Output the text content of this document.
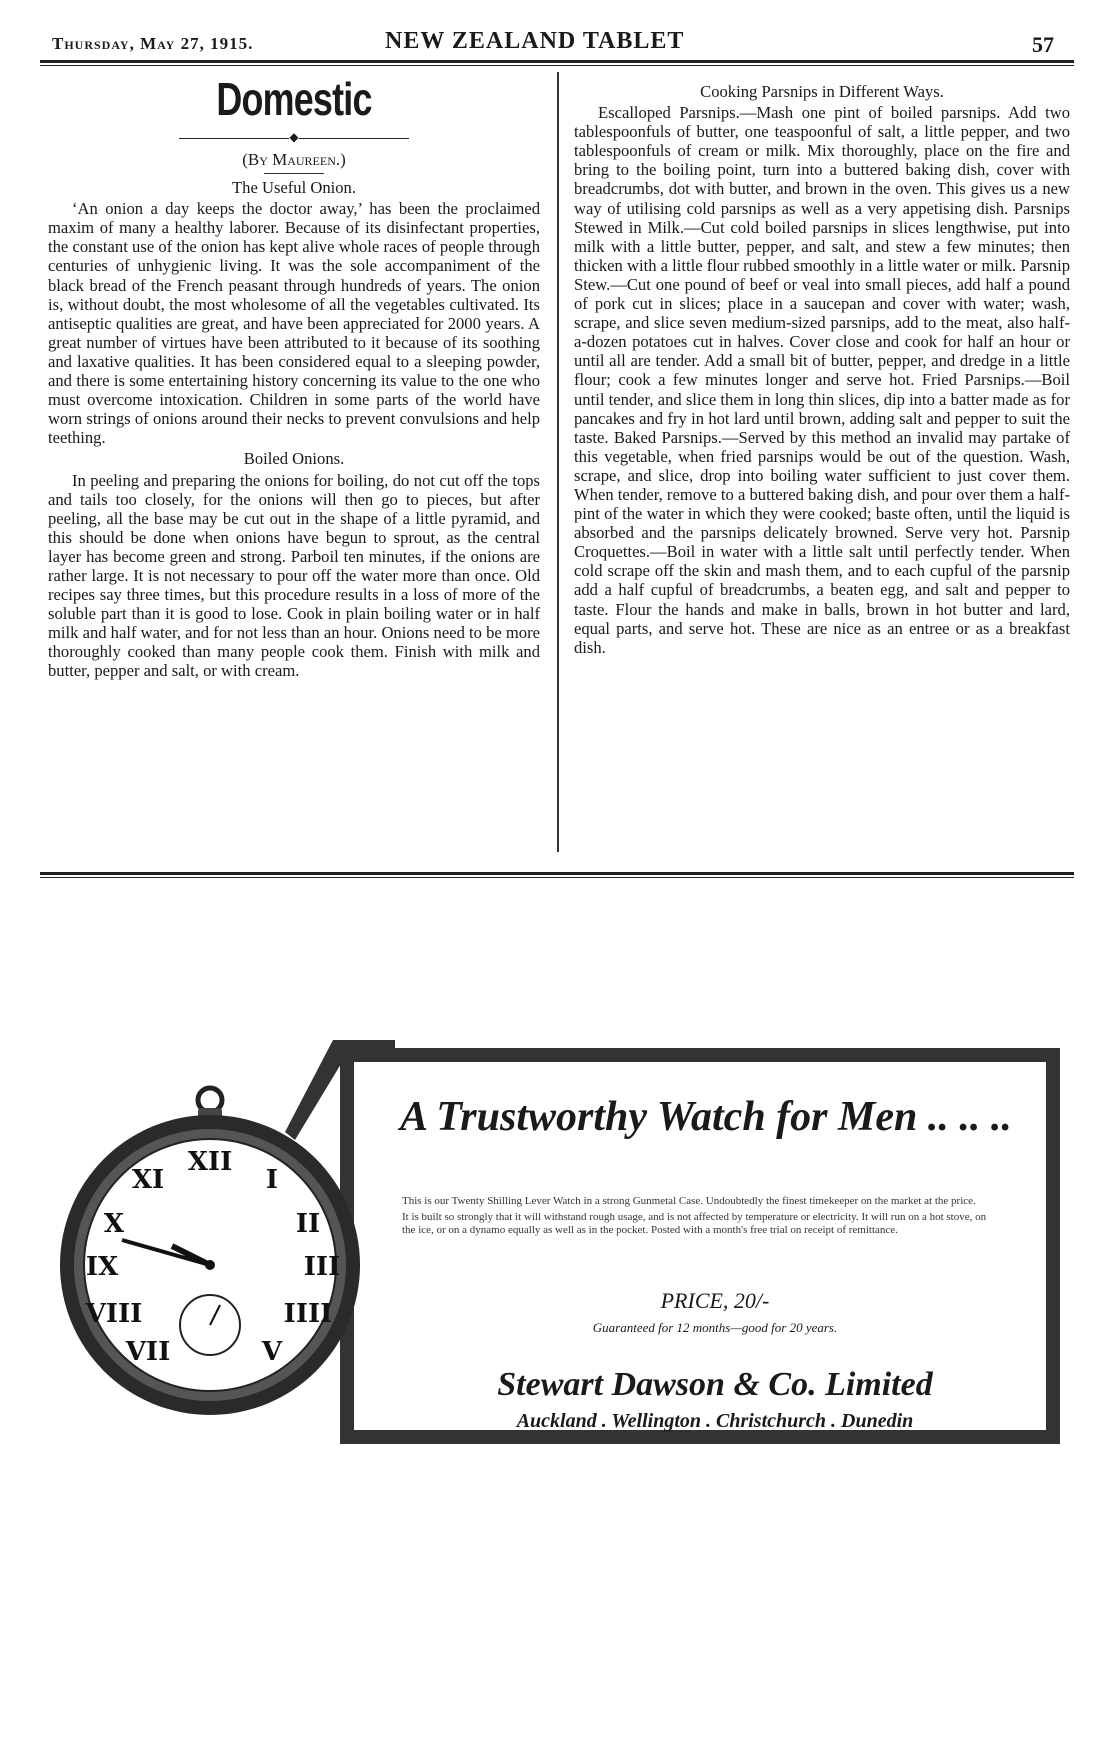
Thursday, May 27, 1915.	NEW ZEALAND TABLET	57
Domestic
◆
(By Maureen.)

The Useful Onion.

‘An onion a day keeps the doctor away,’ has been the proclaimed maxim of many a healthy laborer. Because of its disinfectant properties, the constant use of the onion has kept alive whole races of people through centuries of unhygienic living. It was the sole accompaniment of the black bread of the French peasant through hundreds of years. The onion is, without doubt, the most wholesome of all the vegetables cultivated. Its antiseptic qualities are great, and have been appreciated for 2000 years. A great number of virtues have been attributed to it because of its soothing and laxative qualities. It has been considered equal to a sleeping powder, and there is some entertaining history concerning its value to the one who must overcome intoxication. Children in some parts of the world have worn strings of onions around their necks to prevent convulsions and help teething.

Boiled Onions.

In peeling and preparing the onions for boiling, do not cut off the tops and tails too closely, for the onions will then go to pieces, but after peeling, all the base may be cut out in the shape of a little pyramid, and this should be done when onions have begun to sprout, as the central layer has become green and strong. Parboil ten minutes, if the onions are rather large. It is not necessary to pour off the water more than once. Old recipes say three times, but this procedure results in a loss of more of the soluble part than it is good to lose. Cook in plain boiling water or in half milk and half water, and for not less than an hour. Onions need to be more thoroughly cooked than many people cook them. Finish with milk and butter, pepper and salt, or with cream.

Cooking Parsnips in Different Ways.

Escalloped Parsnips.—Mash one pint of boiled parsnips. Add two tablespoonfuls of butter, one teaspoonful of salt, a little pepper, and two tablespoonfuls of cream or milk. Mix thoroughly, place on the fire and bring to the boiling point, turn into a buttered baking dish, cover with breadcrumbs, dot with butter, and brown in the oven. This gives us a new way of utilising cold parsnips as well as a very appetising dish. Parsnips Stewed in Milk.—Cut cold boiled parsnips in slices lengthwise, put into milk with a little butter, pepper, and salt, and stew a few minutes; then thicken with a little flour rubbed smoothly in a little water or milk. Parsnip Stew.—Cut one pound of beef or veal into small pieces, add half a pound of pork cut in slices; place in a saucepan and cover with water; wash, scrape, and slice seven medium-sized parsnips, add to the meat, also half-a-dozen potatoes cut in halves. Cover close and cook for half an hour or until all are tender. Add a small bit of butter, pepper, and dredge in a little flour; cook a few minutes longer and serve hot. Fried Parsnips.—Boil until tender, and slice them in long thin slices, dip into a batter made as for pancakes and fry in hot lard until brown, adding salt and pepper to suit the taste. Baked Parsnips.—Served by this method an invalid may partake of this vegetable, when fried parsnips would be out of the question. Wash, scrape, and slice, drop into boiling water sufficient to just cover them. When tender, remove to a buttered baking dish, and pour over them a half-pint of the water in which they were cooked; baste often, until the liquid is absorbed and the parsnips delicately browned. Serve very hot. Parsnip Croquettes.—Boil in water with a little salt until perfectly tender. When cold scrape off the skin and mash them, and to each cupful of the parsnip add a half cupful of breadcrumbs, a beaten egg, and salt and pepper to taste. Flour the hands and make in balls, brown in hot butter and lard, equal parts, and serve hot. These are nice as an entree or as a breakfast dish.

XII
I
II
III
IIII
V
VII
VIII
IX
X
XI
A Trustworthy Watch for Men .. .. ..

This is our Twenty Shilling Lever Watch in a strong Gunmetal Case. Undoubtedly the finest timekeeper on the market at the price.

It is built so strongly that it will withstand rough usage, and is not affected by temperature or electricity. It will run on a hot stove, on the ice, or on a dynamo equally as well as in the pocket. Posted with a month's free trial on receipt of remittance.

PRICE, 20/-
Guaranteed for 12 months—good for 20 years.
Stewart Dawson & Co. Limited
Auckland . Wellington . Christchurch . Dunedin
